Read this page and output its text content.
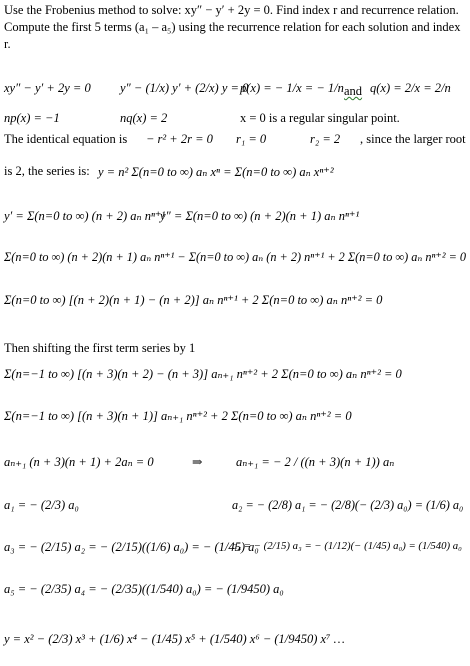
Use the Frobenius method to solve: xy″ − y′ + 2y = 0. Find index r and recurrence relation. Compute the first 5 terms (a₁ – a₅) using the recurrence relation for each solution and index r.
xy″ − y′ + 2y = 0 y″ − (1/x) y′ + (2/x) y = 0
p(x) = − 1/x = − 1/n and q(x) = 2/x = 2/n
np(x) = −1	nq(x) = 2	x = 0 is a regular singular point.
The identical equation is − r² + 2r = 0 r₁ = 0	r₂ = 2 , since the larger root
is 2, the series is: y = n² Σ(n=0 to ∞) aₙ xⁿ = Σ(n=0 to ∞) aₙ xⁿ⁺²
y′ = Σ(n=0 to ∞) (n + 2) aₙ nⁿ⁺¹
y″ = Σ(n=0 to ∞) (n + 2)(n + 1) aₙ nⁿ⁺¹
Σ(n=0 to ∞) (n + 2)(n + 1) aₙ nⁿ⁺¹ − Σ(n=0 to ∞) aₙ (n + 2) nⁿ⁺¹ + 2 Σ(n=0 to ∞) aₙ nⁿ⁺² = 0
Σ(n=0 to ∞) [(n + 2)(n + 1) − (n + 2)] aₙ nⁿ⁺¹ + 2 Σ(n=0 to ∞) aₙ nⁿ⁺² = 0
Then shifting the first term series by 1
Σ(n=−1 to ∞) [(n + 3)(n + 2) − (n + 3)] aₙ₊₁ nⁿ⁺² + 2 Σ(n=0 to ∞) aₙ nⁿ⁺² = 0
Σ(n=−1 to ∞) [(n + 3)(n + 1)] aₙ₊₁ nⁿ⁺² + 2 Σ(n=0 to ∞) aₙ nⁿ⁺² = 0
aₙ₊₁ (n + 3)(n + 1) + 2aₙ = 0	⇒	aₙ₊₁ = − 2 / ((n + 3)(n + 1)) aₙ
a₁ = − (2/3) a₀	a₂ = − (2/8) a₁ = − (2/8)(− (2/3) a₀) = (1/6) a₀
a₃ = − (2/15) a₂ = − (2/15)((1/6) a₀) = − (1/45) a₀
a₄ = − (2/15) a₃ = − (1/12)(− (1/45) a₀) = (1/540) a₀
a₅ = − (2/35) a₄ = − (2/35)((1/540) a₀) = − (1/9450) a₀
y = x² − (2/3) x³ + (1/6) x⁴ − (1/45) x⁵ + (1/540) x⁶ − (1/9450) x⁷ …
